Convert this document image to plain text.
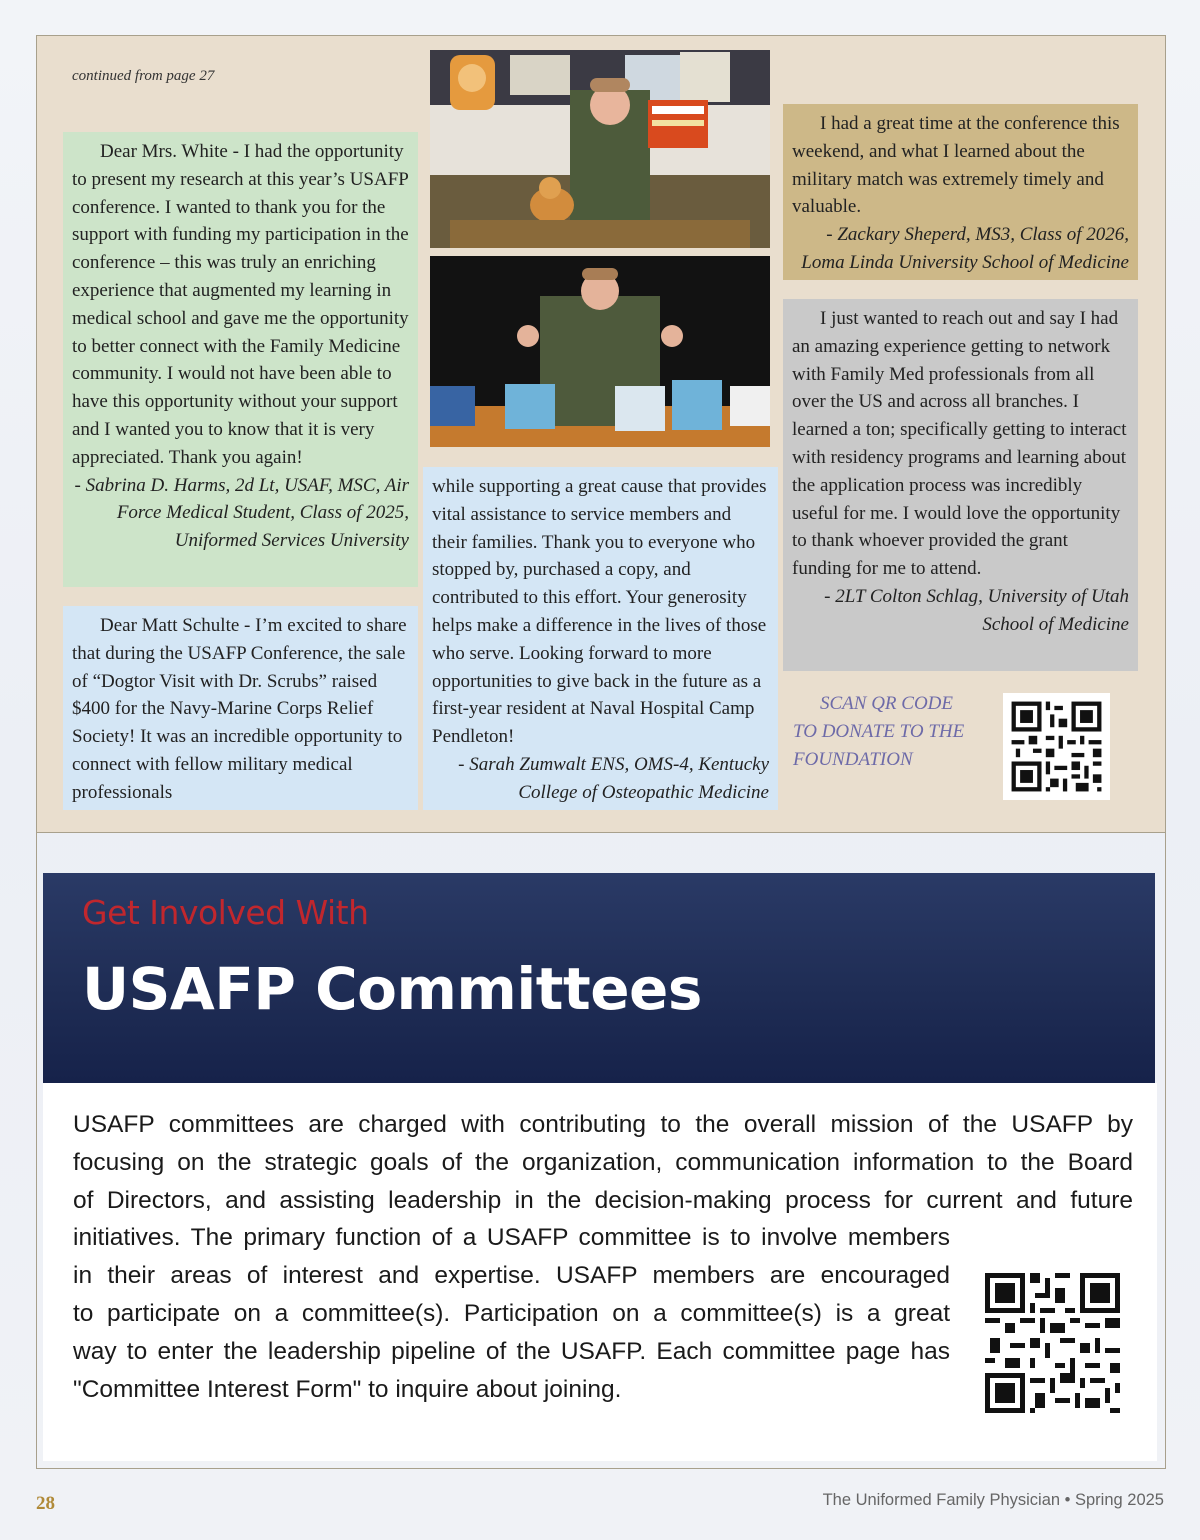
continued from page 27

Dear Mrs. White - I had the opportunity to present my research at this year’s USAFP conference. I wanted to thank you for the support with funding my participation in the conference – this was truly an enriching experience that augmented my learning in medical school and gave me the opportunity to better connect with the Family Medicine community. I would not have been able to have this opportunity without your support and I wanted you to know that it is very appreciated. Thank you again!

- Sabrina D. Harms, 2d Lt, USAF, MSC, Air Force Medical Student, Class of 2025, Uniformed Services University

Dear Matt Schulte - I’m excited to share that during the USAFP Conference, the sale of “Dogtor Visit with Dr. Scrubs” raised $400 for the Navy-Marine Corps Relief Society! It was an incredible opportunity to connect with fellow military medical professionals

while supporting a great cause that provides vital assistance to service members and their families. Thank you to everyone who stopped by, purchased a copy, and contributed to this effort. Your generosity helps make a difference in the lives of those who serve. Looking forward to more opportunities to give back in the future as a first-year resident at Naval Hospital Camp Pendleton!

- Sarah Zumwalt ENS, OMS-4, Kentucky College of Osteopathic Medicine

I had a great time at the conference this weekend, and what I learned about the military match was extremely timely and valuable.

- Zackary Sheperd, MS3, Class of 2026, Loma Linda University School of Medicine

I just wanted to reach out and say I had an amazing experience getting to network with Family Med professionals from all over the US and across all branches. I learned a ton; specifically getting to interact with residency programs and learning about the application process was incredibly useful for me. I would love the opportunity to thank whoever provided the grant funding for me to attend.

- 2LT Colton Schlag, University of Utah School of Medicine

SCAN QR CODE
TO DONATE TO THE
FOUNDATION
Get Involved With
USAFP Committees
USAFP committees are charged with contributing to the overall mission of the USAFP by
focusing on the strategic goals of the organization, communication information to the Board
of Directors, and assisting leadership in the decision-making process for current and future
initiatives. The primary function of a USAFP committee is to involve members
in their areas of interest and expertise. USAFP members are encouraged
to participate on a committee(s). Participation on a committee(s) is a great
way to enter the leadership pipeline of the USAFP. Each committee page has
"Committee Interest Form" to inquire about joining.
28	The Uniformed Family Physician • Spring 2025
